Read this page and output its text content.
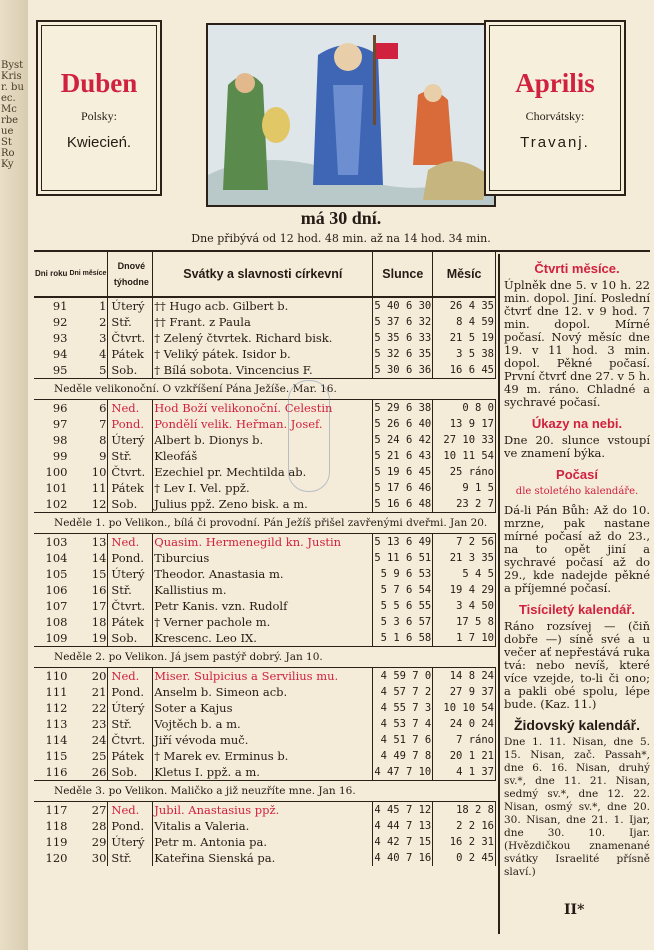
Byst Kris r. bu ec. Mc rbe ue St Ro Ky
Duben
Polsky:
Kwiecień.
Aprilis
Chorvátsky:
Travanj.
má 30 dní.
Dne přibývá od 12 hod. 48 min. až na 14 hod. 34 min.
Dni roku	Dni měsíce	Dnové týhodne	Svátky a slavnosti církevní	Slunce	Měsíc
91	1	Úterý	†† Hugo acb. Gilbert b.	5 40 6 30	26 4 35
92	2	Stř.	†† Frant. z Paula	5 37 6 32	8 4 59
93	3	Čtvrt.	† Zelený čtvrtek. Richard bisk.	5 35 6 33	21 5 19
94	4	Pátek	† Veliký pátek. Isidor b.	5 32 6 35	3 5 38
95	5	Sob.	† Bílá sobota. Vincencius F.	5 30 6 36	16 6 45
Neděle velikonoční. O vzkříšení Pána Ježíše. Mar. 16.					
96	6	Ned.	Hod Boží velikonoční. Celestin	5 29 6 38	0 8 0
97	7	Pond.	Pondělí velik. Heřman. Josef.	5 26 6 40	13 9 17
98	8	Úterý	Albert b. Dionys b.	5 24 6 42	27 10 33
99	9	Stř.	Kleofáš	5 21 6 43	10 11 54
100	10	Čtvrt.	Ezechiel pr. Mechtilda ab.	5 19 6 45	25 ráno
101	11	Pátek	† Lev I. Vel. ppž.	5 17 6 46	9 1 5
102	12	Sob.	Julius ppž. Zeno bisk. a m.	5 16 6 48	23 2 7
Neděle 1. po Velikon., bílá či provodní. Pán Ježíš přišel zavřenými dveřmi. Jan 20.					
103	13	Ned.	Quasim. Hermenegild kn. Justin	5 13 6 49	7 2 56
104	14	Pond.	Tiburcius	5 11 6 51	21 3 35
105	15	Úterý	Theodor. Anastasia m.	5 9 6 53	5 4 5
106	16	Stř.	Kallistius m.	5 7 6 54	19 4 29
107	17	Čtvrt.	Petr Kanis. vzn. Rudolf	5 5 6 55	3 4 50
108	18	Pátek	† Verner pachole m.	5 3 6 57	17 5 8
109	19	Sob.	Krescenc. Leo IX.	5 1 6 58	1 7 10
Neděle 2. po Velikon. Já jsem pastýř dobrý. Jan 10.					
110	20	Ned.	Miser. Sulpicius a Servilius mu.	4 59 7 0	14 8 24
111	21	Pond.	Anselm b. Simeon acb.	4 57 7 2	27 9 37
112	22	Úterý	Soter a Kajus	4 55 7 3	10 10 54
113	23	Stř.	Vojtěch b. a m.	4 53 7 4	24 0 24
114	24	Čtvrt.	Jiří vévoda muč.	4 51 7 6	7 ráno
115	25	Pátek	† Marek ev. Erminus b.	4 49 7 8	20 1 21
116	26	Sob.	Kletus I. ppž. a m.	4 47 7 10	4 1 37
Neděle 3. po Velikon. Maličko a již neuzříte mne. Jan 16.					
117	27	Ned.	Jubil. Anastasius ppž.	4 45 7 12	18 2 8
118	28	Pond.	Vitalis a Valeria.	4 44 7 13	2 2 16
119	29	Úterý	Petr m. Antonia pa.	4 42 7 15	16 2 31
120	30	Stř.	Kateřina Sienská pa.	4 40 7 16	0 2 45
Čtvrti měsíce.

Úplněk dne 5. v 10 h. 22 min. dopol. Jiní. Poslední čtvrť dne 12. v 9 hod. 7 min. dopol. Mírné počasí. Nový měsíc dne 19. v 11 hod. 3 min. dopol. Pěkné počasí. První čtvrť dne 27. v 5 h. 49 m. ráno. Chladné a sychravé počasí.

Úkazy na nebi.

Dne 20. slunce vstoupí ve znamení býka.

Počasí
dle stoletého kalendáře.

Dá-li Pán Bůh: Až do 10. mrzne, pak nastane mírné počasí až do 23., na to opět jiní a sychravé počasí až do 29., kde nadejde pěkné a příjemné počasí.

Tisíciletý kalendář.

Ráno rozsívej — (čiň dobře —) síně své a u večer ať nepřestává ruka tvá: nebo nevíš, které více vzejde, to-li či ono; a pakli obé spolu, lépe bude. (Kaz. 11.)

Židovský kalendář.

Dne 1. 11. Nisan, dne 5. 15. Nisan, zač. Passah*, dne 6. 16. Nisan, druhý sv.*, dne 11. 21. Nisan, sedmý sv.*, dne 12. 22. Nisan, osmý sv.*, dne 20. 30. Nisan, dne 21. 1. Ijar, dne 30. 10. Ijar. (Hvězdičkou znamenané svátky Israelité přísně slaví.)

II*
